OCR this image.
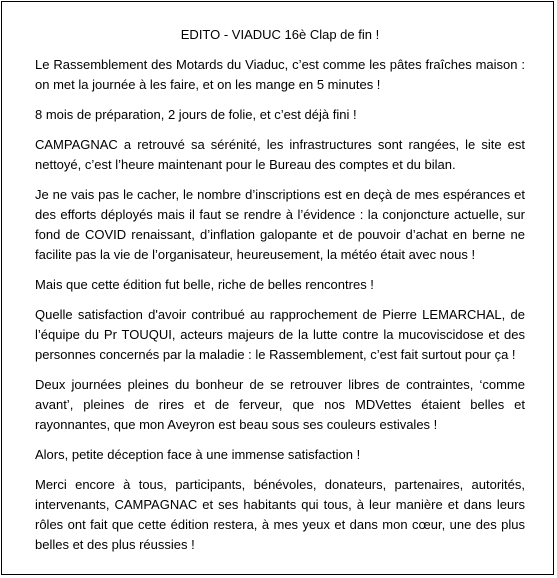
EDITO - VIADUC 16è Clap de fin !

Le Rassemblement des Motards du Viaduc, c’est comme les pâtes fraîches maison : on met la journée à les faire, et on les mange en 5 minutes !

8 mois de préparation, 2 jours de folie, et c’est déjà fini !

CAMPAGNAC a retrouvé sa sérénité, les infrastructures sont rangées, le site est nettoyé, c’est l’heure maintenant pour le Bureau des comptes et du bilan.

Je ne vais pas le cacher, le nombre d’inscriptions est en deçà de mes espérances et des efforts déployés mais il faut se rendre à l’évidence : la conjoncture actuelle, sur fond de COVID renaissant, d’inflation galopante et de pouvoir d’achat en berne ne facilite pas la vie de l’organisateur, heureusement, la météo était avec nous !

Mais que cette édition fut belle, riche de belles rencontres !

Quelle satisfaction d'avoir contribué au rapprochement de Pierre LEMARCHAL, de l’équipe du Pr TOUQUI, acteurs majeurs de la lutte contre la mucoviscidose et des personnes concernés par la maladie : le Rassemblement, c’est fait surtout pour ça !

Deux journées pleines du bonheur de se retrouver libres de contraintes, ‘comme avant’, pleines de rires et de ferveur, que nos MDVettes étaient belles et rayonnantes, que mon Aveyron est beau sous ses couleurs estivales !

Alors, petite déception face à une immense satisfaction !

Merci encore à tous, participants, bénévoles, donateurs, partenaires, autorités, intervenants, CAMPAGNAC et ses habitants qui tous, à leur manière et dans leurs rôles ont fait que cette édition restera, à mes yeux et dans mon cœur, une des plus belles et des plus réussies !
